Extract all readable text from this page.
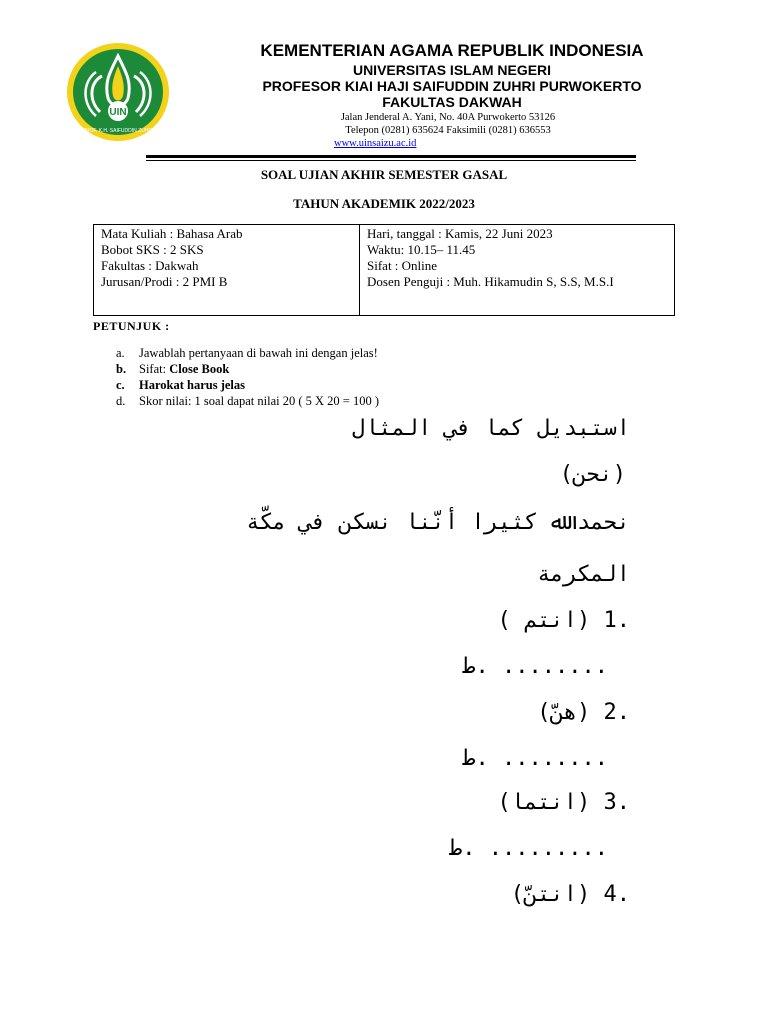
UIN
PROF. K.H. SAIFUDDIN ZUHRI
KEMENTERIAN AGAMA REPUBLIK INDONESIA
UNIVERSITAS ISLAM NEGERI
PROFESOR KIAI HAJI SAIFUDDIN ZUHRI PURWOKERTO
FAKULTAS DAKWAH
Jalan Jenderal A. Yani, No. 40A Purwokerto 53126
Telepon (0281) 635624 Faksimili (0281) 636553
www.uinsaizu.ac.id
SOAL UJIAN AKHIR SEMESTER GASAL
TAHUN AKADEMIK 2022/2023
Mata Kuliah : Bahasa Arab
Bobot SKS : 2 SKS
Fakultas : Dakwah
Jurusan/Prodi : 2 PMI B
Hari, tanggal : Kamis, 22 Juni 2023
Waktu: 10.15– 11.45
Sifat : Online
Dosen Penguji : Muh. Hikamudin S, S.S, M.S.I
PETUNJUK :
a.	Jawablah pertanyaan di bawah ini dengan jelas!
b.	Sifat: Close Book
c.	Harokat harus jelas
d.	Skor nilai: 1 soal dapat nilai 20 ( 5 X 20 = 100 )
استبديل كما في المثال
(نحن)
نحمد ﷲ كثيرا أنّنا نسكن في مكّة
المكرمة
( انتم) 1.
ط. ........
(هنّ) 2.
ط. ........
(انتما) 3.
ط. .........
(انتنّ) 4.
